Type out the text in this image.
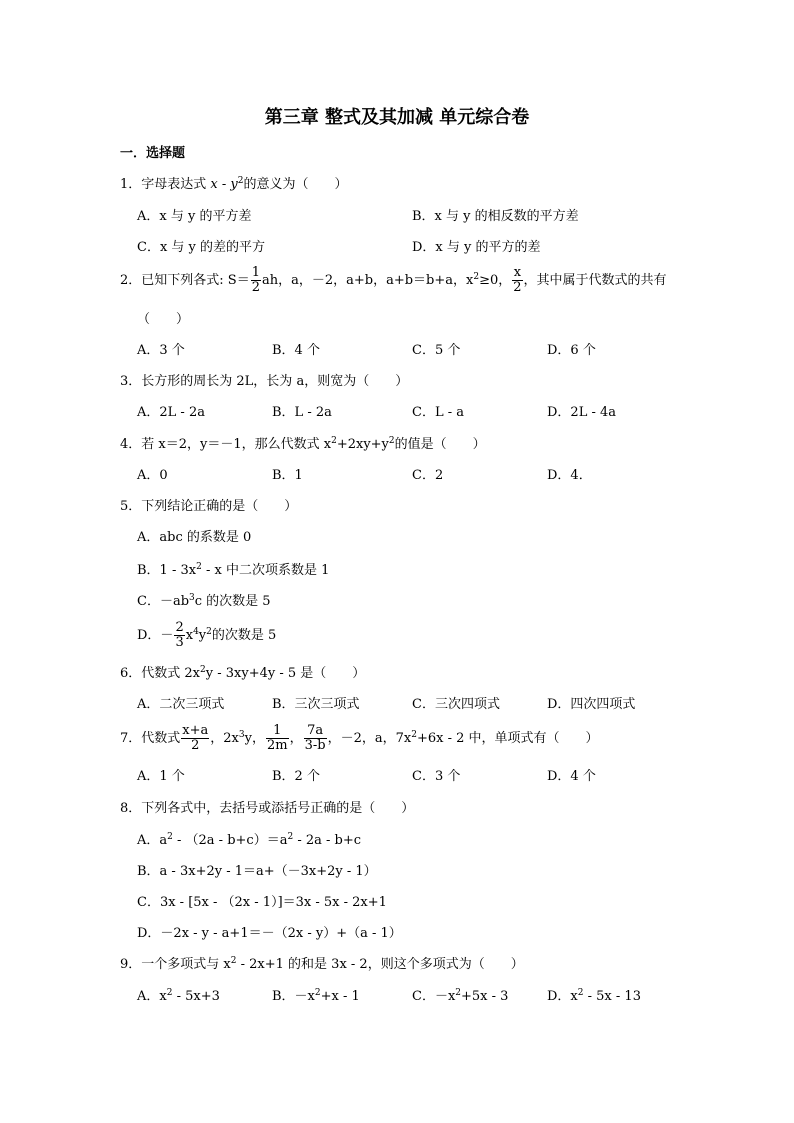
第三章 整式及其加减 单元综合卷
一．选择题
1．字母表达式 x - $y^2$的意义为（　　）
A．x 与 y 的平方差	B．x 与 y 的相反数的平方差
C．x 与 y 的差的平方	D．x 与 y 的平方的差
2．已知下列各式: $S= \frac{1}{2}$ ah，a，－2，a+b，a+b＝b+a，$x^2\ge 0$， $\frac{x}{2}$ ，其中属于代数式的共有
（　　）
A．3 个	B．4 个	C．5 个	D．6 个
3．长方形的周长为 2L，长为 a，则宽为（　　）
A．2L - 2a	B．L - 2a	C．L - a	D．2L - 4a
4．若 x＝2，y＝－1，那么代数式 $x^2+2xy+y^2$的值是（　　）
A．0	B．1	C．2	D．4．
5．下列结论正确的是（　　）
A．abc 的系数是 0
B．$1 - 3x^2$ - x 中二次项系数是 1
C．$-ab^3c$ 的次数是 5
D．－ $\frac{2}{3} x^4y^2$的次数是 5
6．代数式 $2x^2y - 3xy+4y - 5$ 是（　　）
A．二次三项式	B．三次三项式	C．三次四项式	D．四次四项式
7．代数式 $\frac{x+a}{2}$ ，$2x^3y$， $\frac{1}{2m}$ ， $\frac{7a}{3-b}$ ，－2，a，$7x^2+6x - 2$ 中，单项式有（　　）
A．1 个	B．2 个	C．3 个	D．4 个
8．下列各式中，去括号或添括号正确的是（　　）
A．$a^2 - (2a - b+c)=a^2 - 2a - b+c$
B．a - 3x+2y - 1＝a+（－3x+2y - 1）
C．3x - [5x - （2x - 1）]＝3x - 5x - 2x+1
D．－2x - y - a+1＝－（2x - y）+（a - 1）
9．一个多项式与 $x^2 - 2x+1$ 的和是 3x - 2，则这个多项式为（　　）
A．$x^2 - 5x+3$	B．$-x^2+x - 1$	C．$-x^2+5x - 3$	D．$x^2 - 5x - 13$
